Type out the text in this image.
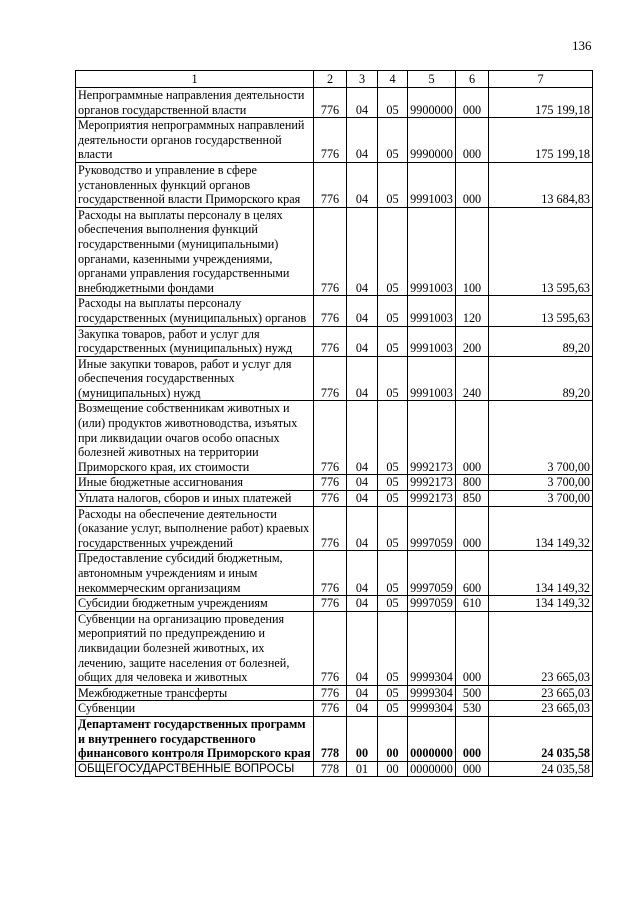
136
1	2	3	4	5	6	7
Непрограммные направления деятельности органов государственной власти	776	04	05	9900000	000	175 199,18
Мероприятия непрограммных направлений деятельности органов государственной власти	776	04	05	9990000	000	175 199,18
Руководство и управление в сфере установленных функций органов государственной власти Приморского края	776	04	05	9991003	000	13 684,83
Расходы на выплаты персоналу в целях обеспечения выполнения функций государственными (муниципальными) органами, казенными учреждениями, органами управления государственными внебюджетными фондами	776	04	05	9991003	100	13 595,63
Расходы на выплаты персоналу государственных (муниципальных) органов	776	04	05	9991003	120	13 595,63
Закупка товаров, работ и услуг для государственных (муниципальных) нужд	776	04	05	9991003	200	89,20
Иные закупки товаров, работ и услуг для обеспечения государственных (муниципальных) нужд	776	04	05	9991003	240	89,20
Возмещение собственникам животных и (или) продуктов животноводства, изъятых при ликвидации очагов особо опасных болезней животных на территории Приморского края, их стоимости	776	04	05	9992173	000	3 700,00
Иные бюджетные ассигнования	776	04	05	9992173	800	3 700,00
Уплата налогов, сборов и иных платежей	776	04	05	9992173	850	3 700,00
Расходы на обеспечение деятельности (оказание услуг, выполнение работ) краевых государственных учреждений	776	04	05	9997059	000	134 149,32
Предоставление субсидий бюджетным, автономным учреждениям и иным некоммерческим организациям	776	04	05	9997059	600	134 149,32
Субсидии бюджетным учреждениям	776	04	05	9997059	610	134 149,32
Субвенции на организацию проведения мероприятий по предупреждению и ликвидации болезней животных, их лечению, защите населения от болезней, общих для человека и животных	776	04	05	9999304	000	23 665,03
Межбюджетные трансферты	776	04	05	9999304	500	23 665,03
Субвенции	776	04	05	9999304	530	23 665,03
Департамент государственных программ и внутреннего государственного финансового контроля Приморского края	778	00	00	0000000	000	24 035,58
ОБЩЕГОСУДАРСТВЕННЫЕ ВОПРОСЫ	778	01	00	0000000	000	24 035,58
